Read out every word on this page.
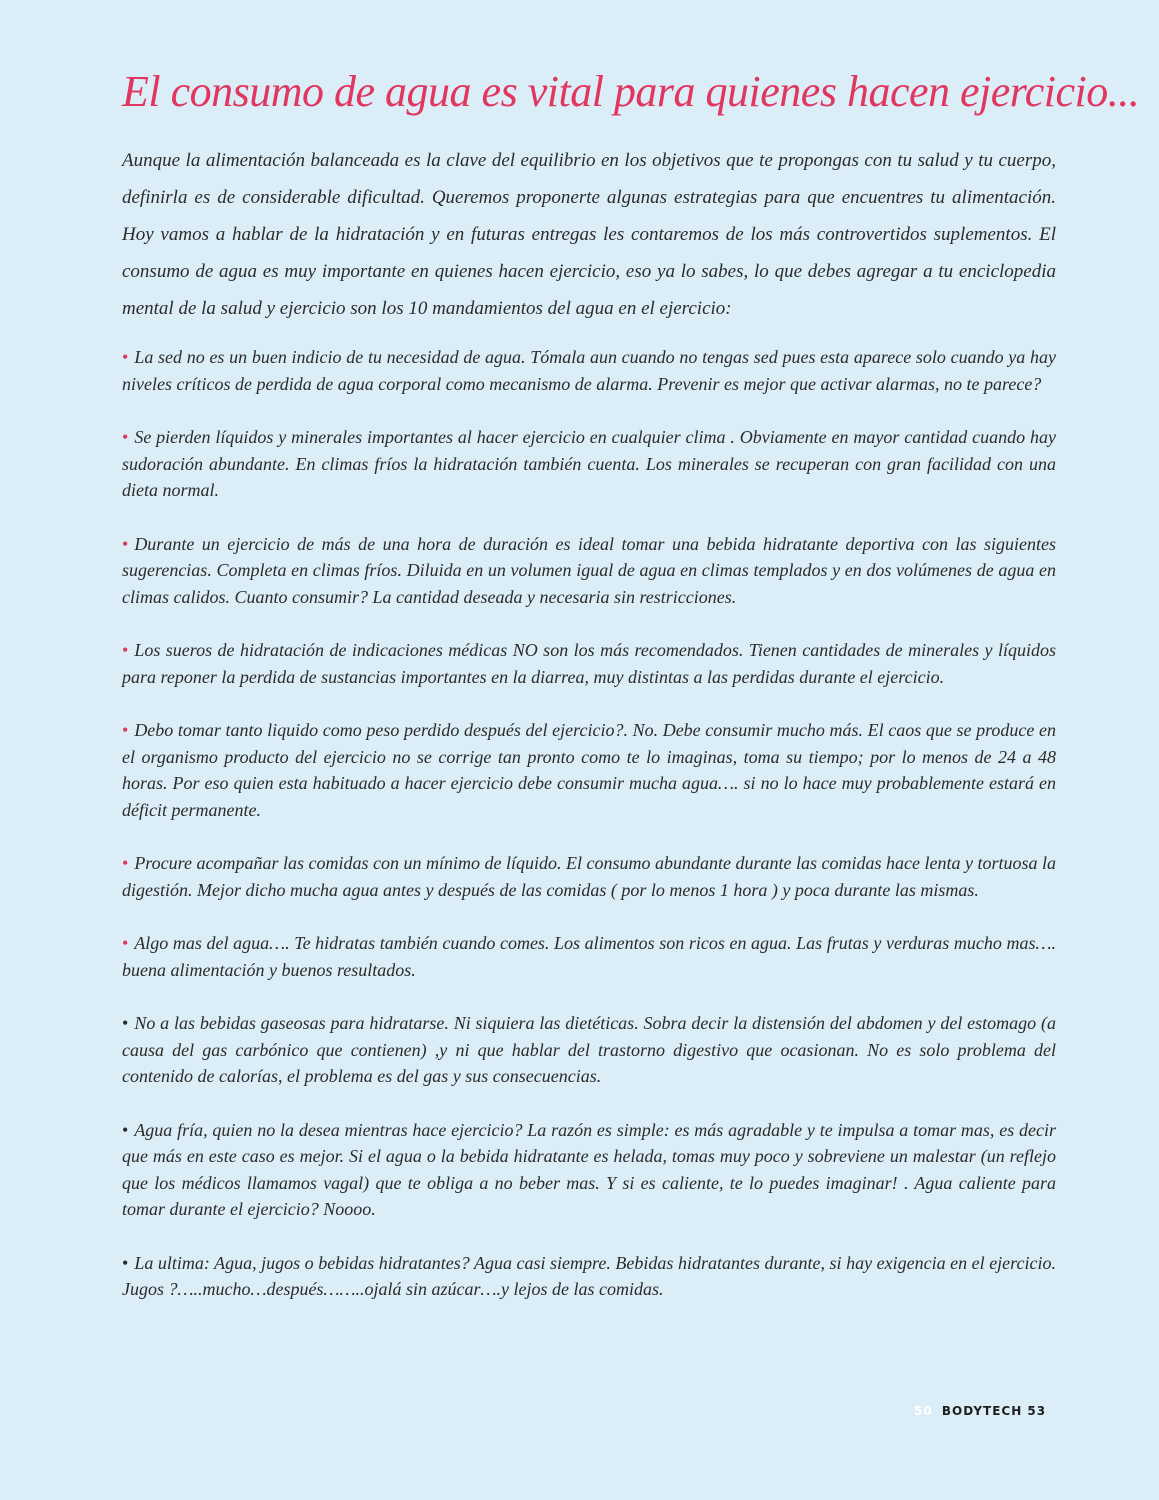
El consumo de agua es vital para quienes hacen ejercicio...

Aunque la alimentación balanceada es la clave del equilibrio en los objetivos que te propongas con tu salud y tu cuerpo, definirla es de considerable dificultad. Queremos proponerte algunas estrategias para que encuentres tu alimentación. Hoy vamos a hablar de la hidratación y en futuras entregas les contaremos de los más controvertidos suplementos. El consumo de agua es muy importante en quienes hacen ejercicio, eso ya lo sabes, lo que debes agregar a tu enciclopedia mental de la salud y ejercicio son los 10 mandamientos del agua en el ejercicio:

• La sed no es un buen indicio de tu necesidad de agua. Tómala aun cuando no tengas sed pues esta aparece solo cuando ya hay niveles críticos de perdida de agua corporal como mecanismo de alarma. Prevenir es mejor que activar alarmas, no te parece?
• Se pierden líquidos y minerales importantes al hacer ejercicio en cualquier clima . Obviamente en mayor cantidad cuando hay sudoración abundante. En climas fríos la hidratación también cuenta. Los minerales se recuperan con gran facilidad con una dieta normal.
• Durante un ejercicio de más de una hora de duración es ideal tomar una bebida hidratante deportiva con las siguientes sugerencias. Completa en climas fríos. Diluida en un volumen igual de agua en climas templados y en dos volúmenes de agua en climas calidos. Cuanto consumir? La cantidad deseada y necesaria sin restricciones.
• Los sueros de hidratación de indicaciones médicas NO son los más recomendados. Tienen cantidades de minerales y líquidos para reponer la perdida de sustancias importantes en la diarrea, muy distintas a las perdidas durante el ejercicio.
• Debo tomar tanto liquido como peso perdido después del ejercicio?. No. Debe consumir mucho más. El caos que se produce en el organismo producto del ejercicio no se corrige tan pronto como te lo imaginas, toma su tiempo; por lo menos de 24 a 48 horas. Por eso quien esta habituado a hacer ejercicio debe consumir mucha agua…. si no lo hace muy probablemente estará en déficit permanente.
• Procure acompañar las comidas con un mínimo de líquido. El consumo abundante durante las comidas hace lenta y tortuosa la digestión. Mejor dicho mucha agua antes y después de las comidas ( por lo menos 1 hora ) y poca durante las mismas.
• Algo mas del agua…. Te hidratas también cuando comes. Los alimentos son ricos en agua. Las frutas y verduras mucho mas…. buena alimentación y buenos resultados.
• No a las bebidas gaseosas para hidratarse. Ni siquiera las dietéticas. Sobra decir la distensión del abdomen y del estomago (a causa del gas carbónico que contienen) ,y ni que hablar del trastorno digestivo que ocasionan. No es solo problema del contenido de calorías, el problema es del gas y sus consecuencias.
• Agua fría, quien no la desea mientras hace ejercicio? La razón es simple: es más agradable y te impulsa a tomar mas, es decir que más en este caso es mejor. Si el agua o la bebida hidratante es helada, tomas muy poco y sobreviene un malestar (un reflejo que los médicos llamamos vagal) que te obliga a no beber mas. Y si es caliente, te lo puedes imaginar! . Agua caliente para tomar durante el ejercicio? Noooo.
• La ultima: Agua, jugos o bebidas hidratantes? Agua casi siempre. Bebidas hidratantes durante, si hay exigencia en el ejercicio. Jugos ?…..mucho…después……..ojalá sin azúcar….y lejos de las comidas.
50 BODYTECH 53
